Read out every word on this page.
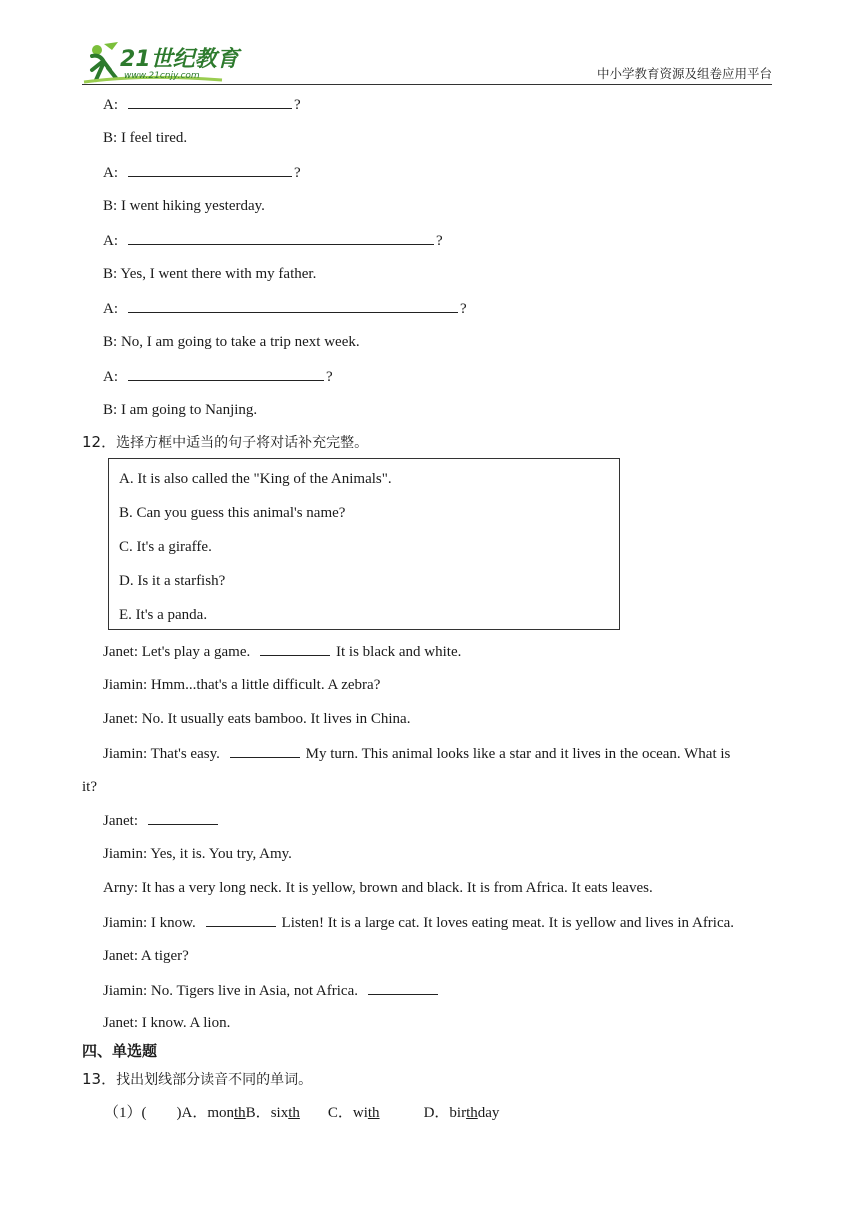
21世纪教育
www.21cnjy.com	中小学教育资源及组卷应用平台
A:	?
B: I feel tired.
A:	?
B: I went hiking yesterday.
A:	?
B: Yes, I went there with my father.
A:	?
B: No, I am going to take a trip next week.
A:	?
B: I am going to Nanjing.
12．选择方框中适当的句子将对话补充完整。
A. It is also called the "King of the Animals".
B. Can you guess this animal's name?
C. It's a giraffe.
D. Is it a starfish?
E. It's a panda.
Janet: Let's play a game.	It is black and white.
Jiamin: Hmm...that's a little difficult. A zebra?
Janet: No. It usually eats bamboo. It lives in China.
Jiamin: That's easy.	My turn. This animal looks like a star and it lives in the ocean. What is
it?
Janet:
Jiamin: Yes, it is. You try, Amy.
Arny: It has a very long neck. It is yellow, brown and black. It is from Africa. It eats leaves.
Jiamin: I know.	Listen! It is a large cat. It loves eating meat. It is yellow and lives in Africa.
Janet: A tiger?
Jiamin: No. Tigers live in Asia, not Africa.
Janet: I know. A lion.
四、单选题
13．找出划线部分读音不同的单词。
（1）( )A．monthB．sixth C．with	D．birthday
